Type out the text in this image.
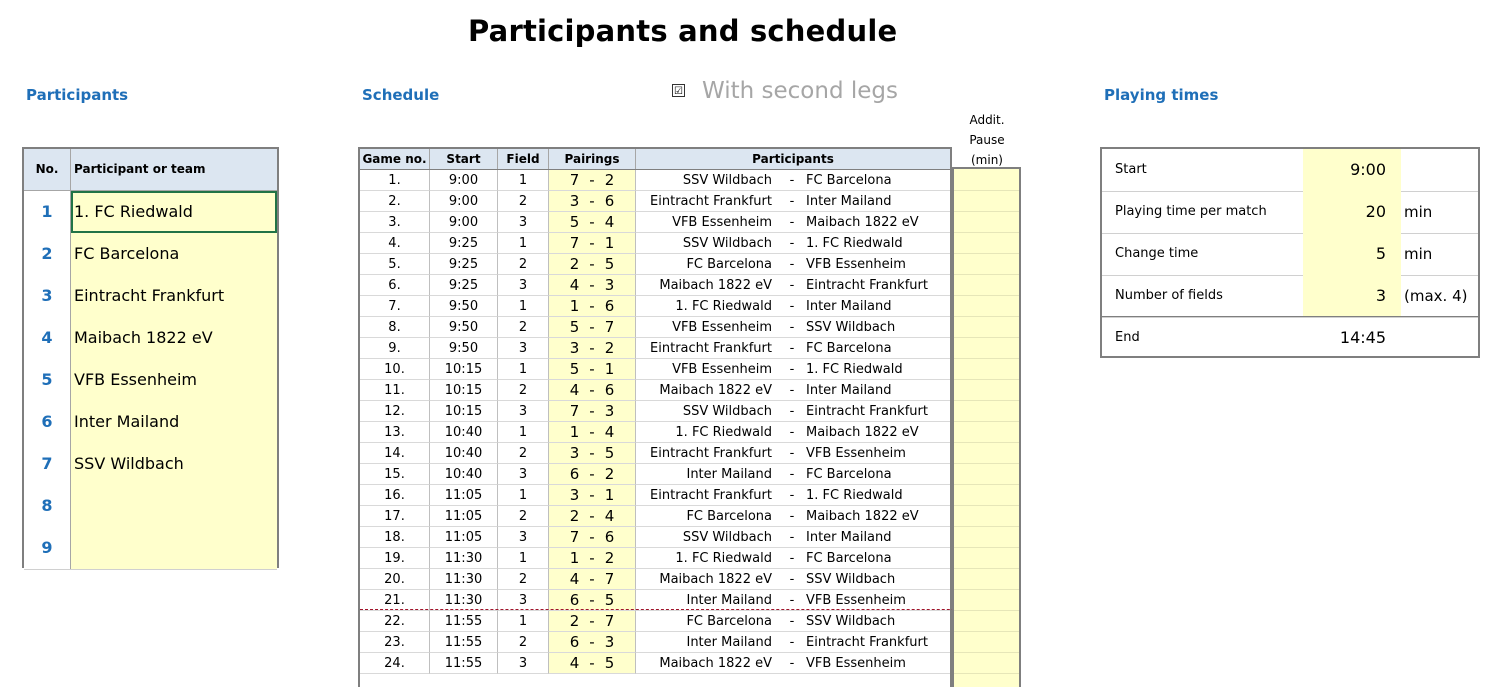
Participants and schedule
Participants	Schedule	Playing times
☑ With second legs
No.	Participant or team
1	1. FC Riedwald
2	FC Barcelona
3	Eintracht Frankfurt
4	Maibach 1822 eV
5	VFB Essenheim
6	Inter Mailand
7	SSV Wildbach
8
9
Game no.	Start	Field	Pairings	Participants
1.	9:00	1	7 - 2	SSV Wildbach	- FC Barcelona
2.	9:00	2	3 - 6	Eintracht Frankfurt	- Inter Mailand
3.	9:00	3	5 - 4	VFB Essenheim	- Maibach 1822 eV
4.	9:25	1	7 - 1	SSV Wildbach	- 1. FC Riedwald
5.	9:25	2	2 - 5	FC Barcelona	- VFB Essenheim
6.	9:25	3	4 - 3	Maibach 1822 eV	- Eintracht Frankfurt
7.	9:50	1	1 - 6	1. FC Riedwald	- Inter Mailand
8.	9:50	2	5 - 7	VFB Essenheim	- SSV Wildbach
9.	9:50	3	3 - 2	Eintracht Frankfurt	- FC Barcelona
10.	10:15	1	5 - 1	VFB Essenheim	- 1. FC Riedwald
11.	10:15	2	4 - 6	Maibach 1822 eV	- Inter Mailand
12.	10:15	3	7 - 3	SSV Wildbach	- Eintracht Frankfurt
13.	10:40	1	1 - 4	1. FC Riedwald	- Maibach 1822 eV
14.	10:40	2	3 - 5	Eintracht Frankfurt	- VFB Essenheim
15.	10:40	3	6 - 2	Inter Mailand	- FC Barcelona
16.	11:05	1	3 - 1	Eintracht Frankfurt	- 1. FC Riedwald
17.	11:05	2	2 - 4	FC Barcelona	- Maibach 1822 eV
18.	11:05	3	7 - 6	SSV Wildbach	- Inter Mailand
19.	11:30	1	1 - 2	1. FC Riedwald	- FC Barcelona
20.	11:30	2	4 - 7	Maibach 1822 eV	- SSV Wildbach
21.	11:30	3	6 - 5	Inter Mailand	- VFB Essenheim
22.	11:55	1	2 - 7	FC Barcelona	- SSV Wildbach
23.	11:55	2	6 - 3	Inter Mailand	- Eintracht Frankfurt
24.	11:55	3	4 - 5	Maibach 1822 eV	- VFB Essenheim
Addit.
Pause
(min)
Start	9:00
Playing time per match	20	min
Change time	5	min
Number of fields	3	(max. 4)
End	14:45
